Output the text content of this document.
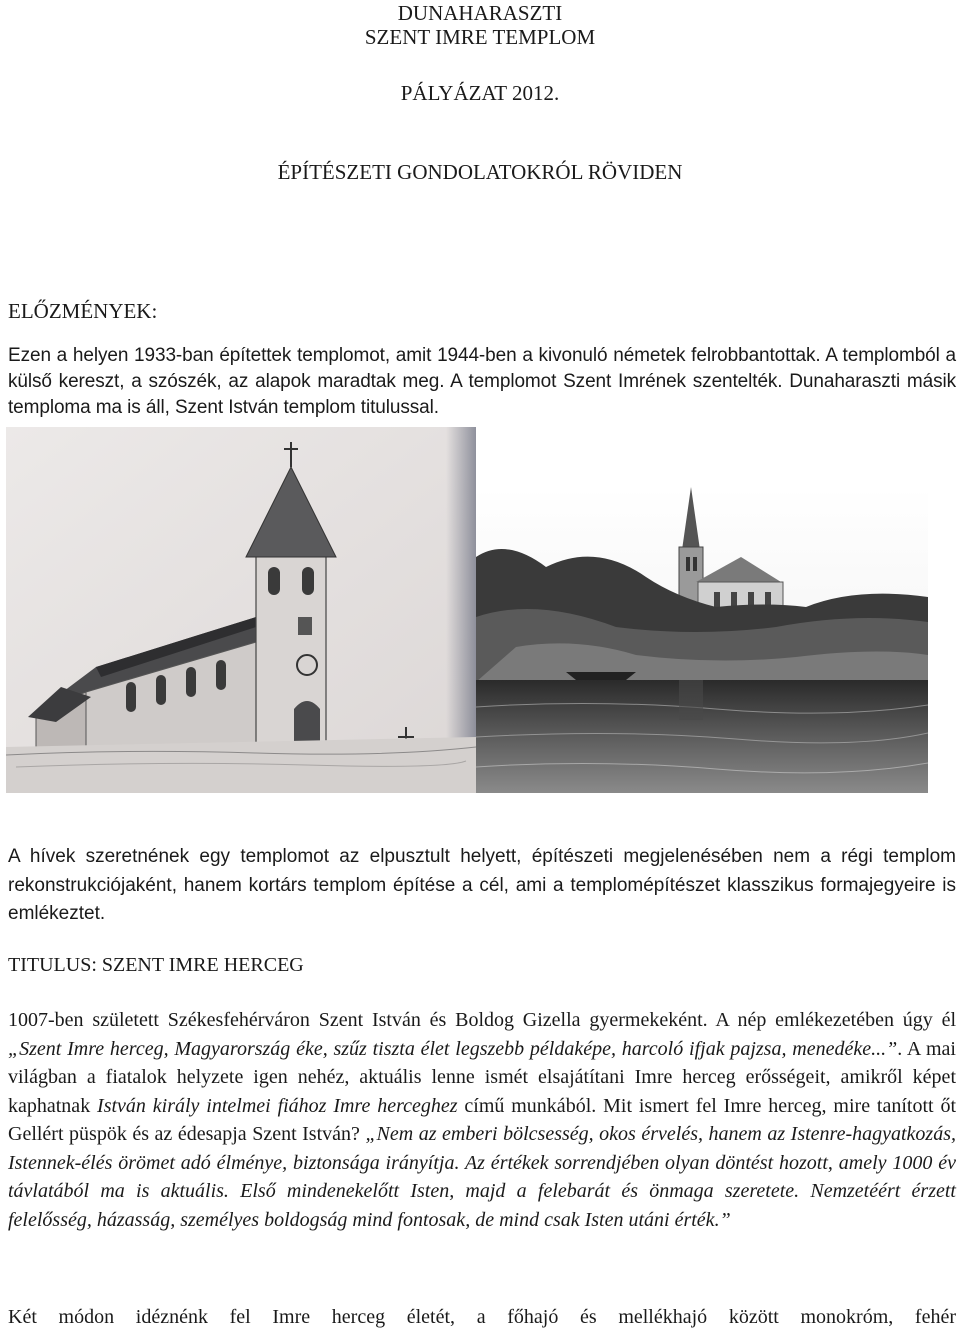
DUNAHARASZTI
SZENT IMRE TEMPLOM
PÁLYÁZAT 2012.
ÉPÍTÉSZETI GONDOLATOKRÓL RÖVIDEN
ELŐZMÉNYEK:
Ezen a helyen 1933-ban építettek templomot, amit 1944-ben a kivonuló németek felrobbantottak. A templomból a külső kereszt, a szószék, az alapok maradtak meg. A templomot Szent Imrének szentelték. Dunaharaszti másik temploma ma is áll, Szent István templom titulussal.
A hívek szeretnének egy templomot az elpusztult helyett, építészeti megjelenésében nem a régi templom rekonstrukciójaként, hanem kortárs templom építése a cél, ami a templomépítészet klasszikus formajegyeire is emlékeztet.
TITULUS: SZENT IMRE HERCEG
1007-ben született Székesfehérváron Szent István és Boldog Gizella gyermekeként. A nép emlékezetében úgy él „Szent Imre herceg, Magyarország éke, szűz tiszta élet legszebb példaképe, harcoló ifjak pajzsa, menedéke...”. A mai világban a fiatalok helyzete igen nehéz, aktuális lenne ismét elsajátítani Imre herceg erősségeit, amikről képet kaphatnak István király intelmei fiához Imre herceghez című munkából. Mit ismert fel Imre herceg, mire tanított őt Gellért püspök és az édesapja Szent István? „Nem az emberi bölcsesség, okos érvelés, hanem az Istenre-hagyatkozás, Istennek-élés örömet adó élménye, biztonsága irányítja. Az értékek sorrendjében olyan döntést hozott, amely 1000 év távlatából ma is aktuális. Első mindenekelőtt Isten, majd a felebarát és önmaga szeretete. Nemzetéért érzett felelősség, házasság, személyes boldogság mind fontosak, de mind csak Isten utáni érték.”
Két módon idéznénk fel Imre herceg életét, a főhajó és mellékhajó között monokróm, fehér
